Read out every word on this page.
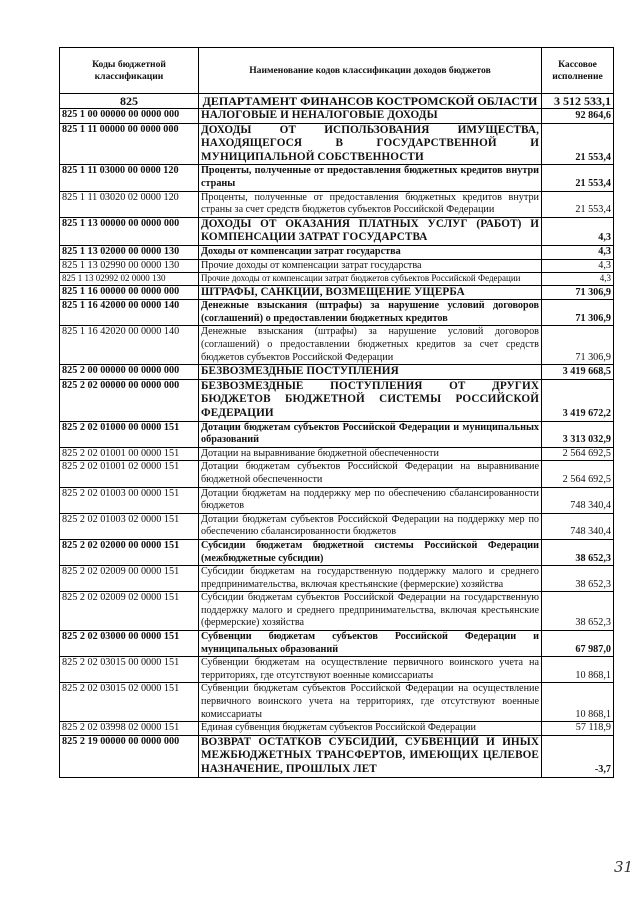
Коды бюджетной классификации	Наименование кодов классификации доходов бюджетов	Кассовое исполнение
825	ДЕПАРТАМЕНТ ФИНАНСОВ КОСТРОМСКОЙ ОБЛАСТИ	3 512 533,1
825 1 00 00000 00 0000 000	НАЛОГОВЫЕ И НЕНАЛОГОВЫЕ ДОХОДЫ	92 864,6
825 1 11 00000 00 0000 000	ДОХОДЫ ОТ ИСПОЛЬЗОВАНИЯ ИМУЩЕСТВА, НАХОДЯЩЕГОСЯ В ГОСУДАРСТВЕННОЙ И МУНИЦИПАЛЬНОЙ СОБСТВЕННОСТИ	21 553,4
825 1 11 03000 00 0000 120	Проценты, полученные от предоставления бюджетных кредитов внутри страны	21 553,4
825 1 11 03020 02 0000 120	Проценты, полученные от предоставления бюджетных кредитов внутри страны за счет средств бюджетов субъектов Российской Федерации	21 553,4
825 1 13 00000 00 0000 000	ДОХОДЫ ОТ ОКАЗАНИЯ ПЛАТНЫХ УСЛУГ (РАБОТ) И КОМПЕНСАЦИИ ЗАТРАТ ГОСУДАРСТВА	4,3
825 1 13 02000 00 0000 130	Доходы от компенсации затрат государства	4,3
825 1 13 02990 00 0000 130	Прочие доходы от компенсации затрат государства	4,3
825 1 13 02992 02 0000 130	Прочие доходы от компенсации затрат бюджетов субъектов Российской Федерации	4,3
825 1 16 00000 00 0000 000	ШТРАФЫ, САНКЦИИ, ВОЗМЕЩЕНИЕ УЩЕРБА	71 306,9
825 1 16 42000 00 0000 140	Денежные взыскания (штрафы) за нарушение условий договоров (соглашений) о предоставлении бюджетных кредитов	71 306,9
825 1 16 42020 00 0000 140	Денежные взыскания (штрафы) за нарушение условий договоров (соглашений) о предоставлении бюджетных кредитов за счет средств бюджетов субъектов Российской Федерации	71 306,9
825 2 00 00000 00 0000 000	БЕЗВОЗМЕЗДНЫЕ ПОСТУПЛЕНИЯ	3 419 668,5
825 2 02 00000 00 0000 000	БЕЗВОЗМЕЗДНЫЕ ПОСТУПЛЕНИЯ ОТ ДРУГИХ БЮДЖЕТОВ БЮДЖЕТНОЙ СИСТЕМЫ РОССИЙСКОЙ ФЕДЕРАЦИИ	3 419 672,2
825 2 02 01000 00 0000 151	Дотации бюджетам субъектов Российской Федерации и муниципальных образований	3 313 032,9
825 2 02 01001 00 0000 151	Дотации на выравнивание бюджетной обеспеченности	2 564 692,5
825 2 02 01001 02 0000 151	Дотации бюджетам субъектов Российской Федерации на выравнивание бюджетной обеспеченности	2 564 692,5
825 2 02 01003 00 0000 151	Дотации бюджетам на поддержку мер по обеспечению сбалансированности бюджетов	748 340,4
825 2 02 01003 02 0000 151	Дотации бюджетам субъектов Российской Федерации на поддержку мер по обеспечению сбалансированности бюджетов	748 340,4
825 2 02 02000 00 0000 151	Субсидии бюджетам бюджетной системы Российской Федерации (межбюджетные субсидии)	38 652,3
825 2 02 02009 00 0000 151	Субсидии бюджетам на государственную поддержку малого и среднего предпринимательства, включая крестьянские (фермерские) хозяйства	38 652,3
825 2 02 02009 02 0000 151	Субсидии бюджетам субъектов Российской Федерации на государственную поддержку малого и среднего предпринимательства, включая крестьянские (фермерские) хозяйства	38 652,3
825 2 02 03000 00 0000 151	Субвенции бюджетам субъектов Российской Федерации и муниципальных образований	67 987,0
825 2 02 03015 00 0000 151	Субвенции бюджетам на осуществление первичного воинского учета на территориях, где отсутствуют военные комиссариаты	10 868,1
825 2 02 03015 02 0000 151	Субвенции бюджетам субъектов Российской Федерации на осуществление первичного воинского учета на территориях, где отсутствуют военные комиссариаты	10 868,1
825 2 02 03998 02 0000 151	Единая субвенция бюджетам субъектов Российской Федерации	57 118,9
825 2 19 00000 00 0000 000	ВОЗВРАТ ОСТАТКОВ СУБСИДИЙ, СУБВЕНЦИЙ И ИНЫХ МЕЖБЮДЖЕТНЫХ ТРАНСФЕРТОВ, ИМЕЮЩИХ ЦЕЛЕВОЕ НАЗНАЧЕНИЕ, ПРОШЛЫХ ЛЕТ	-3,7
31
